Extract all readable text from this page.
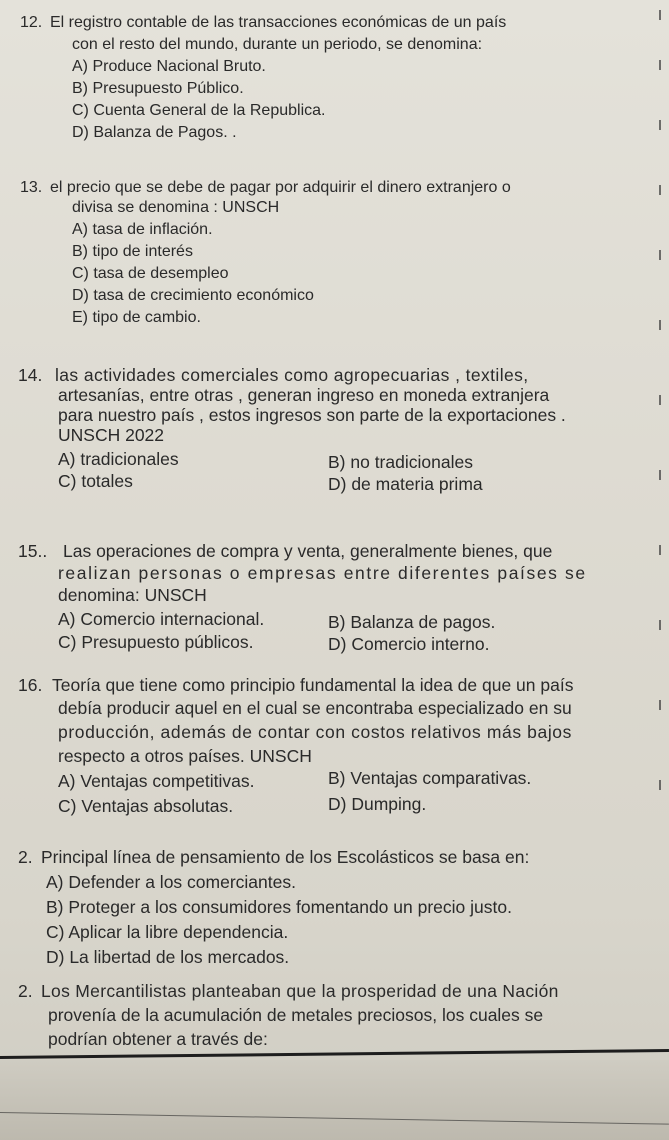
12. El registro contable de las transacciones económicas de un país
con el resto del mundo, durante un periodo, se denomina:
A) Produce Nacional Bruto.
B) Presupuesto Público.
C) Cuenta General de la Republica.
D) Balanza de Pagos. .
13. el precio que se debe de pagar por adquirir el dinero extranjero o
divisa se denomina : UNSCH
A) tasa de inflación.
B) tipo de interés
C) tasa de desempleo
D) tasa de crecimiento económico
E) tipo de cambio.
14. las actividades comerciales como agropecuarias , textiles,
artesanías, entre otras , generan ingreso en moneda extranjera
para nuestro país , estos ingresos son parte de la exportaciones .
UNSCH 2022
A) tradicionales	B) no tradicionales
C) totales	D) de materia prima
15.. Las operaciones de compra y venta, generalmente bienes, que
realizan personas o empresas entre diferentes países se
denomina: UNSCH
A) Comercio internacional.	B) Balanza de pagos.
C) Presupuesto públicos.	D) Comercio interno.
16. Teoría que tiene como principio fundamental la idea de que un país
debía producir aquel en el cual se encontraba especializado en su
producción, además de contar con costos relativos más bajos
respecto a otros países. UNSCH
A) Ventajas competitivas.	B) Ventajas comparativas.
C) Ventajas absolutas.	D) Dumping.
2. Principal línea de pensamiento de los Escolásticos se basa en:
A) Defender a los comerciantes.
B) Proteger a los consumidores fomentando un precio justo.
C) Aplicar la libre dependencia.
D) La libertad de los mercados.
2. Los Mercantilistas planteaban que la prosperidad de una Nación
provenía de la acumulación de metales preciosos, los cuales se
podrían obtener a través de:
